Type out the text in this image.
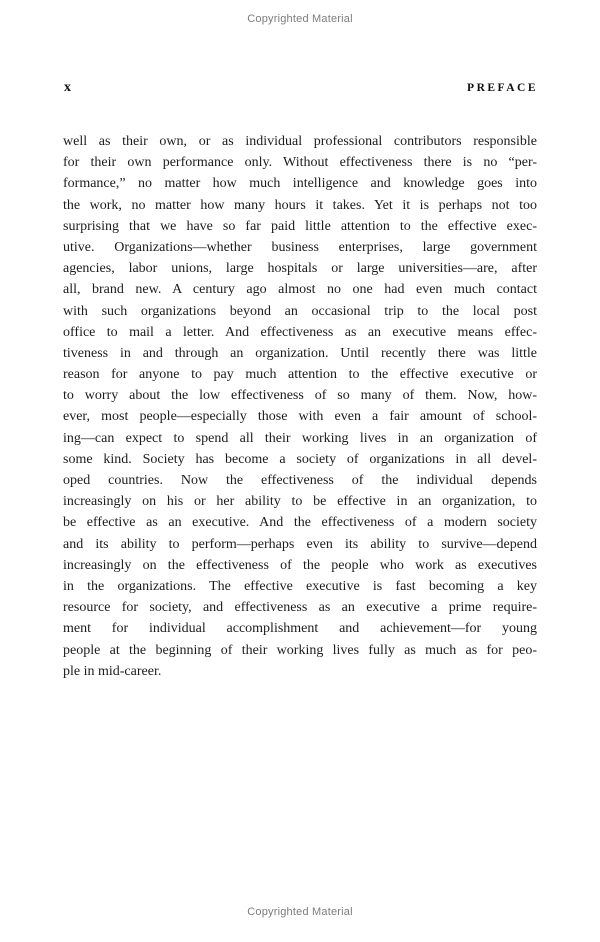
Copyrighted Material
x	PREFACE
well as their own, or as individual professional contributors responsible
for their own performance only. Without effectiveness there is no “per-
formance,” no matter how much intelligence and knowledge goes into
the work, no matter how many hours it takes. Yet it is perhaps not too
surprising that we have so far paid little attention to the effective exec-
utive. Organizations—whether business enterprises, large government
agencies, labor unions, large hospitals or large universities—are, after
all, brand new. A century ago almost no one had even much contact
with such organizations beyond an occasional trip to the local post
office to mail a letter. And effectiveness as an executive means effec-
tiveness in and through an organization. Until recently there was little
reason for anyone to pay much attention to the effective executive or
to worry about the low effectiveness of so many of them. Now, how-
ever, most people—especially those with even a fair amount of school-
ing—can expect to spend all their working lives in an organization of
some kind. Society has become a society of organizations in all devel-
oped countries. Now the effectiveness of the individual depends
increasingly on his or her ability to be effective in an organization, to
be effective as an executive. And the effectiveness of a modern society
and its ability to perform—perhaps even its ability to survive—depend
increasingly on the effectiveness of the people who work as executives
in the organizations. The effective executive is fast becoming a key
resource for society, and effectiveness as an executive a prime require-
ment for individual accomplishment and achievement—for young
people at the beginning of their working lives fully as much as for peo-
ple in mid-career.
Copyrighted Material
